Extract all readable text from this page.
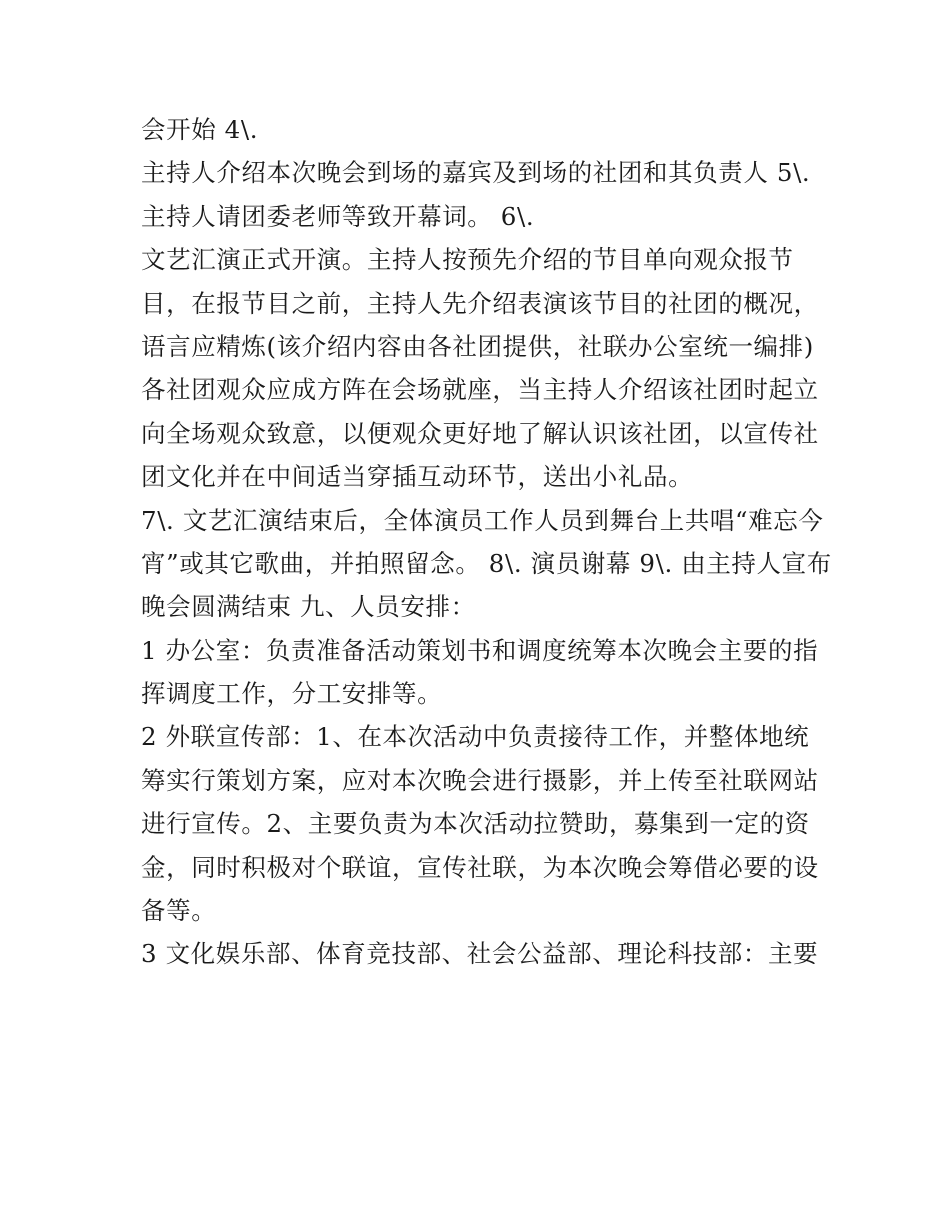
会开始 4\.
主持人介绍本次晚会到场的嘉宾及到场的社团和其负责人 5\.
主持人请团委老师等致开幕词。 6\.
文艺汇演正式开演。主持人按预先介绍的节目单向观众报节
目，在报节目之前，主持人先介绍表演该节目的社团的概况，
语言应精炼(该介绍内容由各社团提供，社联办公室统一编排)
各社团观众应成方阵在会场就座，当主持人介绍该社团时起立
向全场观众致意，以便观众更好地了解认识该社团，以宣传社
团文化并在中间适当穿插互动环节，送出小礼品。
7\. 文艺汇演结束后，全体演员工作人员到舞台上共唱“难忘今
宵”或其它歌曲，并拍照留念。 8\. 演员谢幕 9\. 由主持人宣布
晚会圆满结束 九、人员安排：
1 办公室：负责准备活动策划书和调度统筹本次晚会主要的指
挥调度工作，分工安排等。
2 外联宣传部：1、在本次活动中负责接待工作，并整体地统
筹实行策划方案，应对本次晚会进行摄影，并上传至社联网站
进行宣传。2、主要负责为本次活动拉赞助，募集到一定的资
金，同时积极对个联谊，宣传社联，为本次晚会筹借必要的设
备等。
3 文化娱乐部、体育竞技部、社会公益部、理论科技部：主要
